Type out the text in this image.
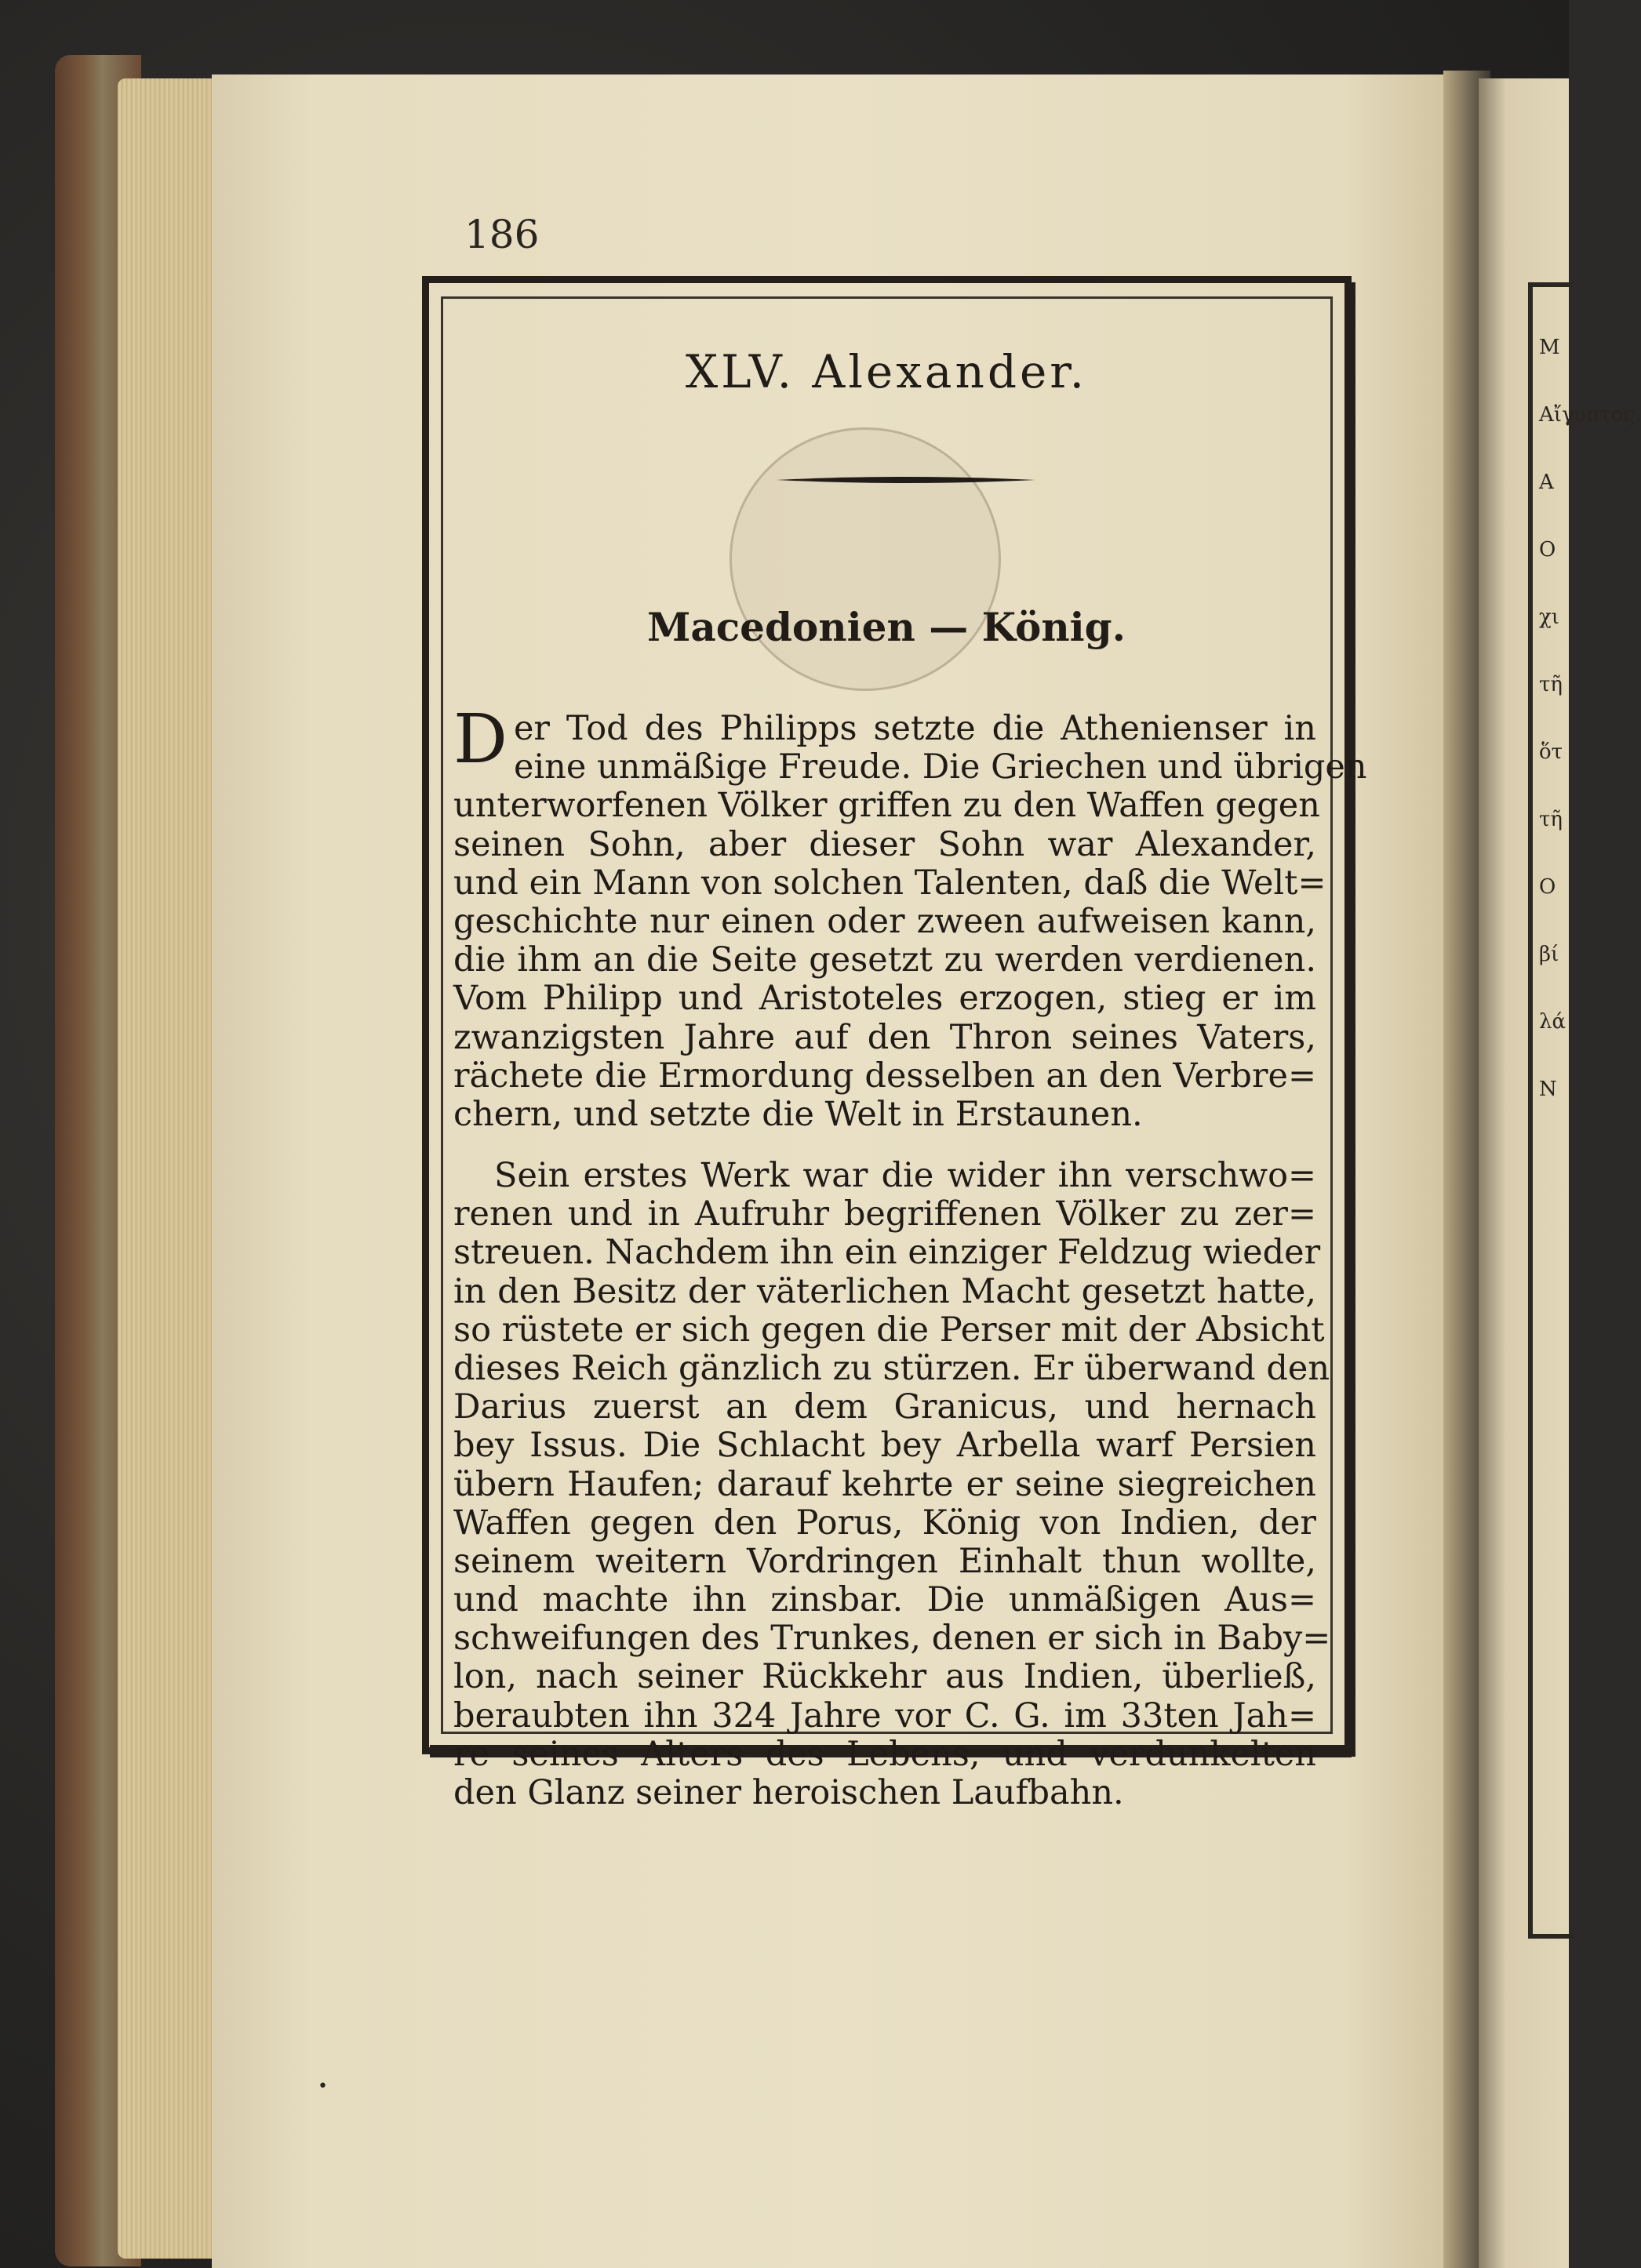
M
Αἴγυπτος.
Α
Ο
χι
τῆ
ὅτ
τῆ
Ο
βί
λά
Ν
186
XLV. Alexander.
Macedonien — König.
D er Tod des Philipps setzte die Athenienser in
eine unmäßige Freude. Die Griechen und übrigen
unterworfenen Völker griffen zu den Waffen gegen
seinen Sohn, aber dieser Sohn war Alexander,
und ein Mann von solchen Talenten, daß die Welt=
geschichte nur einen oder zween aufweisen kann,
die ihm an die Seite gesetzt zu werden verdienen.
Vom Philipp und Aristoteles erzogen, stieg er im
zwanzigsten Jahre auf den Thron seines Vaters,
rächete die Ermordung desselben an den Verbre=
chern, und setzte die Welt in Erstaunen.
Sein erstes Werk war die wider ihn verschwo=
renen und in Aufruhr begriffenen Völker zu zer=
streuen. Nachdem ihn ein einziger Feldzug wieder
in den Besitz der väterlichen Macht gesetzt hatte,
so rüstete er sich gegen die Perser mit der Absicht
dieses Reich gänzlich zu stürzen. Er überwand den
Darius zuerst an dem Granicus, und hernach
bey Issus. Die Schlacht bey Arbella warf Persien
übern Haufen; darauf kehrte er seine siegreichen
Waffen gegen den Porus, König von Indien, der
seinem weitern Vordringen Einhalt thun wollte,
und machte ihn zinsbar. Die unmäßigen Aus=
schweifungen des Trunkes, denen er sich in Baby=
lon, nach seiner Rückkehr aus Indien, überließ,
beraubten ihn 324 Jahre vor C. G. im 33ten Jah=
re seines Alters des Lebens, und verdunkelten
den Glanz seiner heroischen Laufbahn.
•
